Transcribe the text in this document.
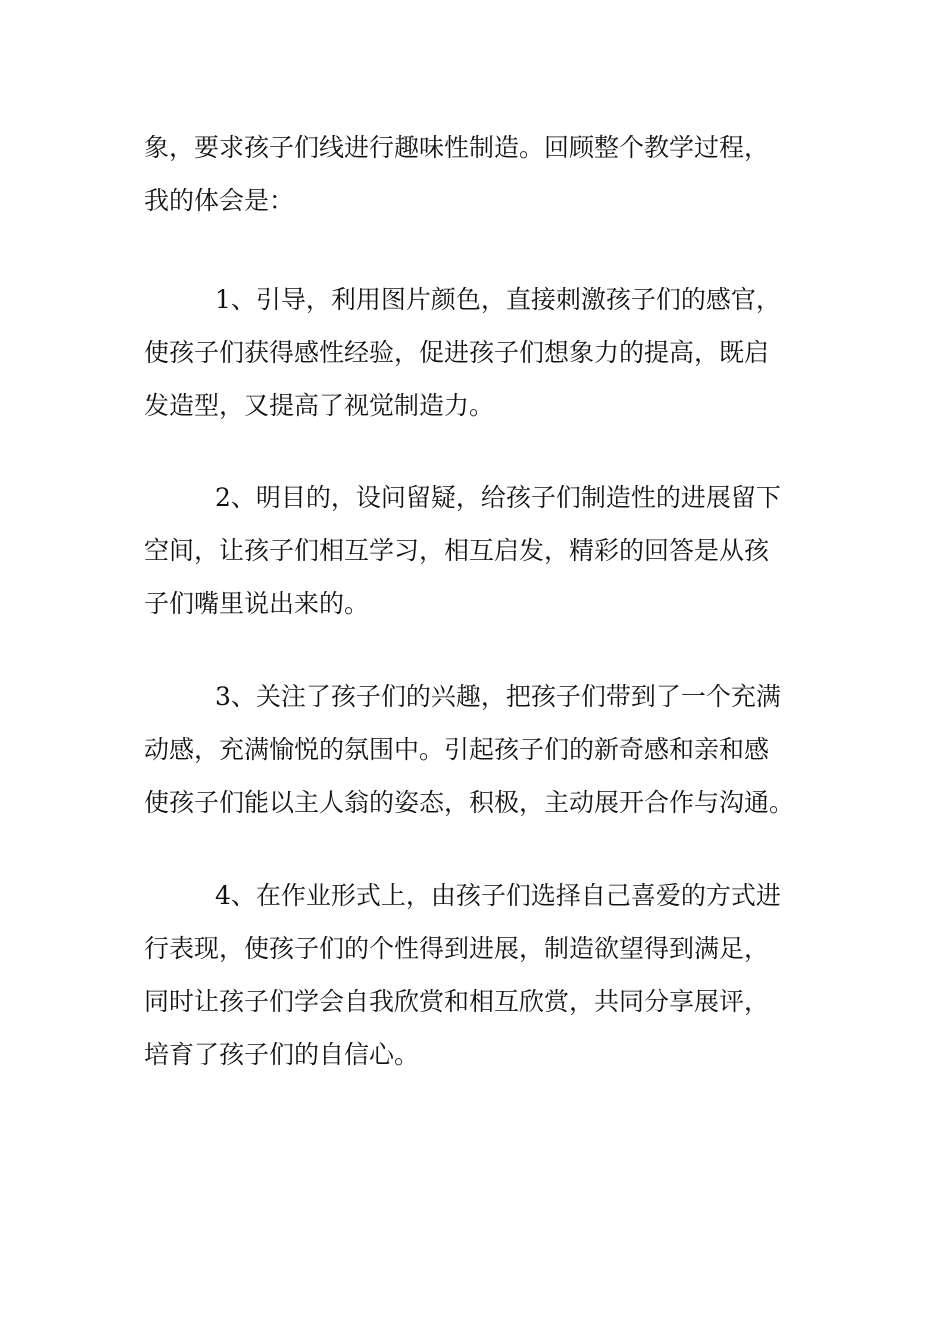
象，要求孩子们线进行趣味性制造。回顾整个教学过程，
我的体会是：
1、引导，利用图片颜色，直接刺激孩子们的感官，
使孩子们获得感性经验，促进孩子们想象力的提高，既启
发造型，又提高了视觉制造力。
2、明目的，设问留疑，给孩子们制造性的进展留下
空间，让孩子们相互学习，相互启发，精彩的回答是从孩
子们嘴里说出来的。
3、关注了孩子们的兴趣，把孩子们带到了一个充满
动感，充满愉悦的氛围中。引起孩子们的新奇感和亲和感
使孩子们能以主人翁的姿态，积极，主动展开合作与沟通。
4、在作业形式上，由孩子们选择自己喜爱的方式进
行表现，使孩子们的个性得到进展，制造欲望得到满足，
同时让孩子们学会自我欣赏和相互欣赏，共同分享展评，
培育了孩子们的自信心。
